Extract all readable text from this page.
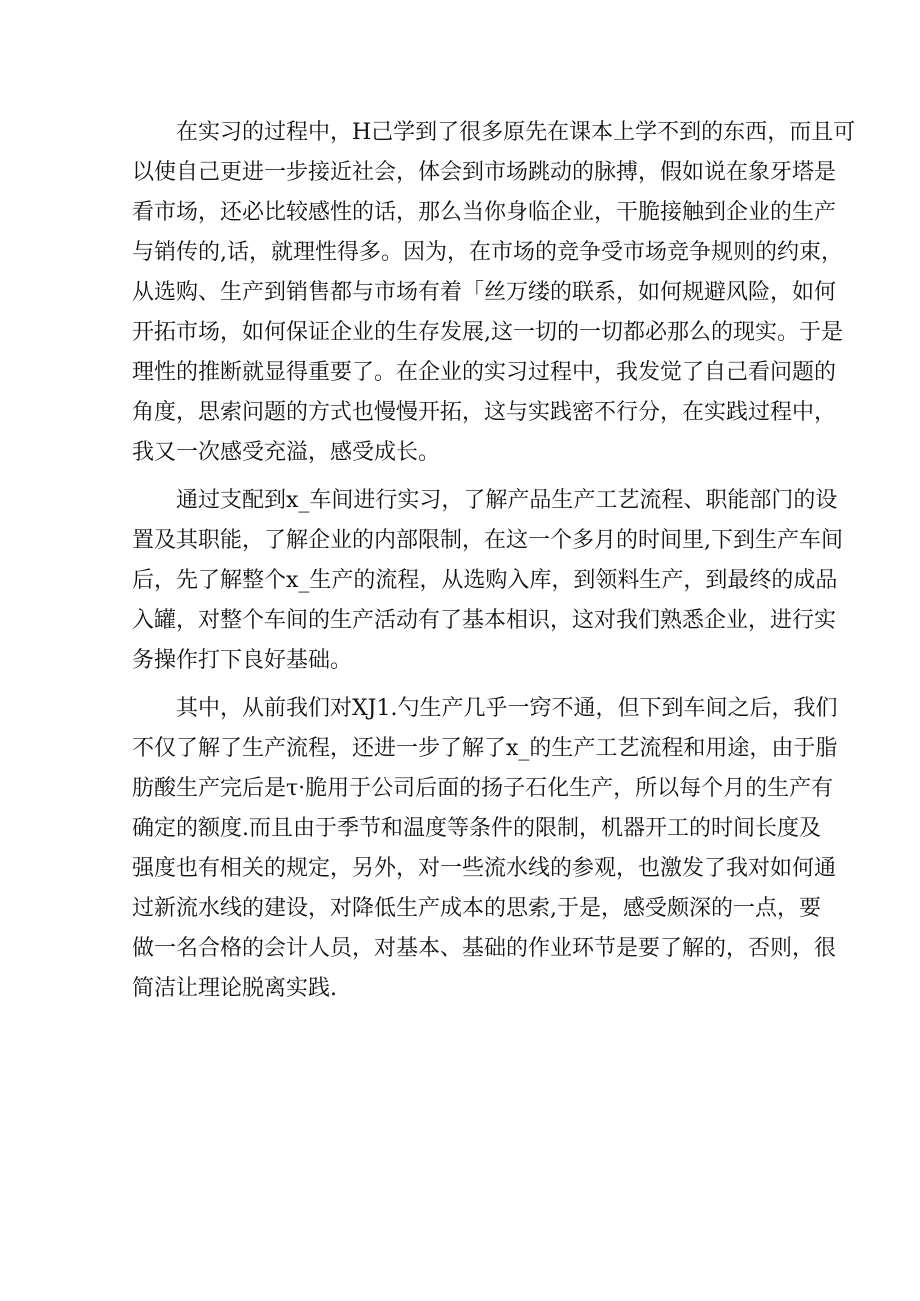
在实习的过程中，H己学到了很多原先在课本上学不到的东西，而且可
以使自己更进一步接近社会，体会到市场跳动的脉搏，假如说在象牙塔是
看市场，还必比较感性的话，那么当你身临企业，干脆接触到企业的生产
与销传的,话，就理性得多。因为，在市场的竞争受市场竞争规则的约束，
从选购、生产到销售都与市场有着「丝万缕的联系，如何规避风险，如何
开拓市场，如何保证企业的生存发展,这一切的一切都必那么的现实。于是
理性的推断就显得重要了。在企业的实习过程中，我发觉了自己看问题的
角度，思索问题的方式也慢慢开拓，这与实践密不行分，在实践过程中，
我又一次感受充溢，感受成长。
通过支配到x_车间进行实习，了解产品生产工艺流程、职能部门的设
置及其职能，了解企业的内部限制，在这一个多月的时间里,下到生产车间
后，先了解整个x_生产的流程，从选购入库，到领料生产，到最终的成品
入罐，对整个车间的生产活动有了基本相识，这对我们熟悉企业，进行实
务操作打下良好基础。
其中，从前我们对XJ1.勺生产几乎一窍不通，但下到车间之后，我们
不仅了解了生产流程，还进一步了解了x_的生产工艺流程和用途，由于脂
肪酸生产完后是τ·脆用于公司后面的扬子石化生产，所以每个月的生产有
确定的额度.而且由于季节和温度等条件的限制，机器开工的时间长度及
强度也有相关的规定，另外，对一些流水线的参观，也激发了我对如何通
过新流水线的建设，对降低生产成本的思索,于是，感受颇深的一点，要
做一名合格的会计人员，对基本、基础的作业环节是要了解的，否则，很
简洁让理论脱离实践.
